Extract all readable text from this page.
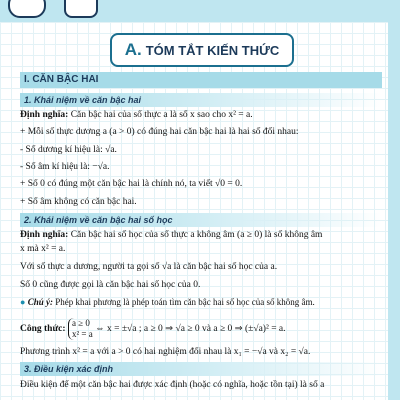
A. TÓM TẮT KIẾN THỨC
I. CĂN BẬC HAI
1. Khái niệm về căn bậc hai
Định nghĩa: Căn bậc hai của số thực a là số x sao cho x² = a.
+ Mỗi số thực dương a (a > 0) có đúng hai căn bậc hai là hai số đối nhau:
- Số dương kí hiệu là: √a.
- Số âm kí hiệu là: −√a.
+ Số 0 có đúng một căn bậc hai là chính nó, ta viết √0 = 0.
+ Số âm không có căn bậc hai.
2. Khái niệm về căn bậc hai số học
Định nghĩa: Căn bậc hai số học của số thực a không âm (a ≥ 0) là số không âm
x mà x² = a.
Với số thực a dương, người ta gọi số √a là căn bậc hai số học của a.
Số 0 cũng được gọi là căn bậc hai số học của 0.
● Chú ý: Phép khai phương là phép toán tìm căn bậc hai số học của số không âm.
Công thức: a ≥ 0
x² = a ⇔ x = ±√a ; a ≥ 0 ⇒ √a ≥ 0 và a ≥ 0 ⇒ (±√a)² = a.
Phương trình x² = a với a > 0 có hai nghiệm đối nhau là x₁ = −√a và x₂ = √a.
3. Điều kiện xác định
Điều kiện để một căn bậc hai được xác định (hoặc có nghĩa, hoặc tồn tại) là số a
